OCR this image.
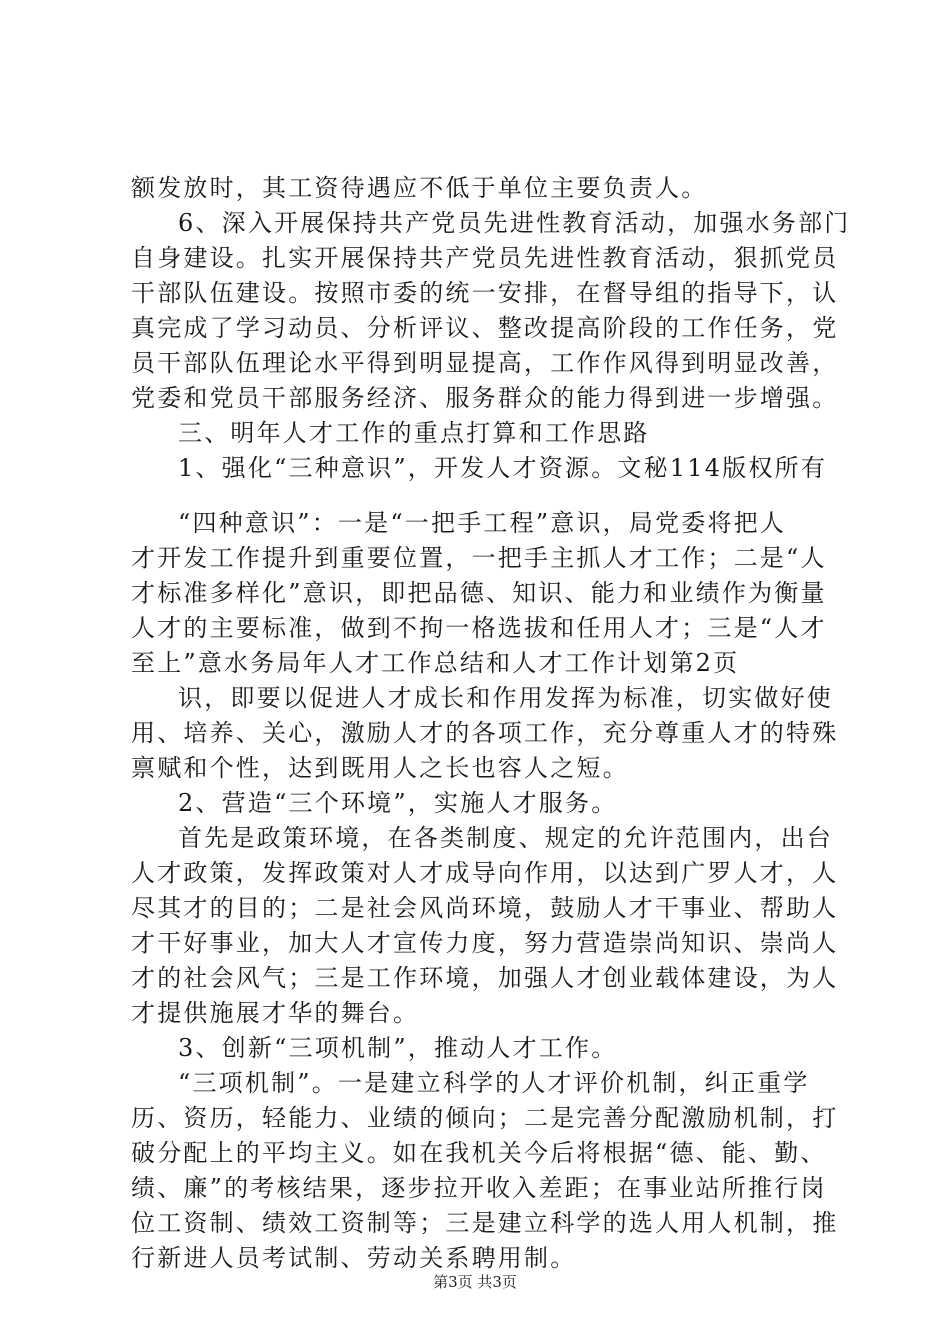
额发放时，其工资待遇应不低于单位主要负责人。

6、深入开展保持共产党员先进性教育活动，加强水务部门

自身建设。扎实开展保持共产党员先进性教育活动，狠抓党员

干部队伍建设。按照市委的统一安排，在督导组的指导下，认

真完成了学习动员、分析评议、整改提高阶段的工作任务，党

员干部队伍理论水平得到明显提高，工作作风得到明显改善，

党委和党员干部服务经济、服务群众的能力得到进一步增强。

三、明年人才工作的重点打算和工作思路

1、强化“三种意识”，开发人才资源。文秘114版权所有

“四种意识”：一是“一把手工程”意识，局党委将把人

才开发工作提升到重要位置，一把手主抓人才工作；二是“人

才标准多样化”意识，即把品德、知识、能力和业绩作为衡量

人才的主要标准，做到不拘一格选拔和任用人才；三是“人才

至上”意水务局年人才工作总结和人才工作计划第2页

识，即要以促进人才成长和作用发挥为标准，切实做好使

用、培养、关心，激励人才的各项工作，充分尊重人才的特殊

禀赋和个性，达到既用人之长也容人之短。

2、营造“三个环境”，实施人才服务。

首先是政策环境，在各类制度、规定的允许范围内，出台

人才政策，发挥政策对人才成导向作用，以达到广罗人才，人

尽其才的目的；二是社会风尚环境，鼓励人才干事业、帮助人

才干好事业，加大人才宣传力度，努力营造崇尚知识、崇尚人

才的社会风气；三是工作环境，加强人才创业载体建设，为人

才提供施展才华的舞台。

3、创新“三项机制”，推动人才工作。

“三项机制”。一是建立科学的人才评价机制，纠正重学

历、资历，轻能力、业绩的倾向；二是完善分配激励机制，打

破分配上的平均主义。如在我机关今后将根据“德、能、勤、

绩、廉”的考核结果，逐步拉开收入差距；在事业站所推行岗

位工资制、绩效工资制等；三是建立科学的选人用人机制，推

行新进人员考试制、劳动关系聘用制。

第3页 共3页
